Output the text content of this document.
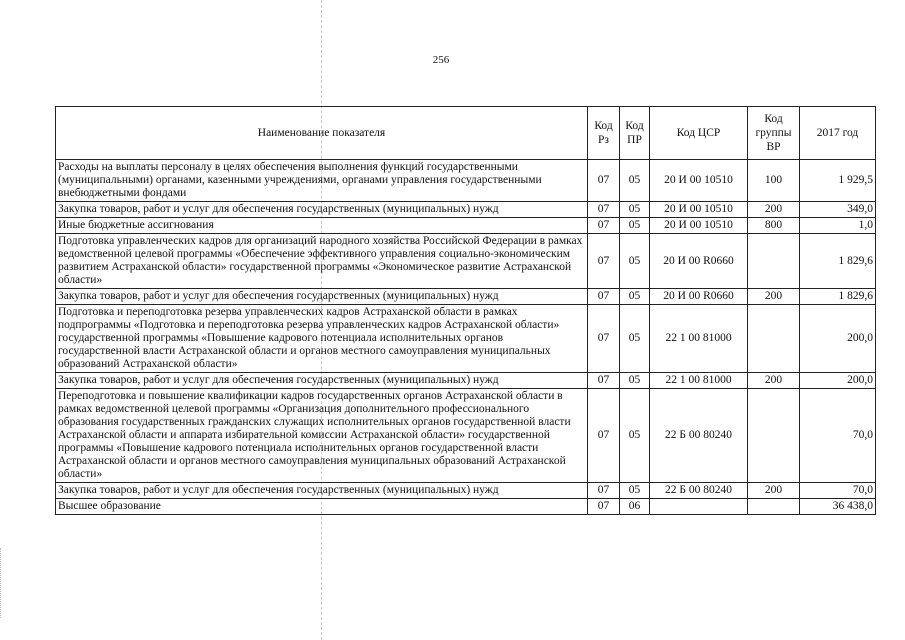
256
Наименование показателя	Код Рз	Код ПР	Код ЦСР	Код группы ВР	2017 год
Расходы на выплаты персоналу в целях обеспечения выполнения функций государственными (муниципальными) органами, казенными учреждениями, органами управления государственными внебюджетными фондами	07	05	20 И 00 10510	100	1 929,5
Закупка товаров, работ и услуг для обеспечения государственных (муниципальных) нужд	07	05	20 И 00 10510	200	349,0
Иные бюджетные ассигнования	07	05	20 И 00 10510	800	1,0
Подготовка управленческих кадров для организаций народного хозяйства Российской Федерации в рамках ведомственной целевой программы «Обеспечение эффективного управления социально-экономическим развитием Астраханской области» государственной программы «Экономическое развитие Астраханской области»	07	05	20 И 00 R0660		1 829,6
Закупка товаров, работ и услуг для обеспечения государственных (муниципальных) нужд	07	05	20 И 00 R0660	200	1 829,6
Подготовка и переподготовка резерва управленческих кадров Астраханской области в рамках подпрограммы «Подготовка и переподготовка резерва управленческих кадров Астраханской области» государственной программы «Повышение кадрового потенциала исполнительных органов государственной власти Астраханской области и органов местного самоуправления муниципальных образований Астраханской области»	07	05	22 1 00 81000		200,0
Закупка товаров, работ и услуг для обеспечения государственных (муниципальных) нужд	07	05	22 1 00 81000	200	200,0
Переподготовка и повышение квалификации кадров государственных органов Астраханской области в рамках ведомственной целевой программы «Организация дополнительного профессионального образования государственных гражданских служащих исполнительных органов государственной власти Астраханской области и аппарата избирательной комиссии Астраханской области» государственной программы «Повышение кадрового потенциала исполнительных органов государственной власти Астраханской области и органов местного самоуправления муниципальных образований Астраханской области»	07	05	22 Б 00 80240		70,0
Закупка товаров, работ и услуг для обеспечения государственных (муниципальных) нужд	07	05	22 Б 00 80240	200	70,0
Высшее образование	07	06			36 438,0
